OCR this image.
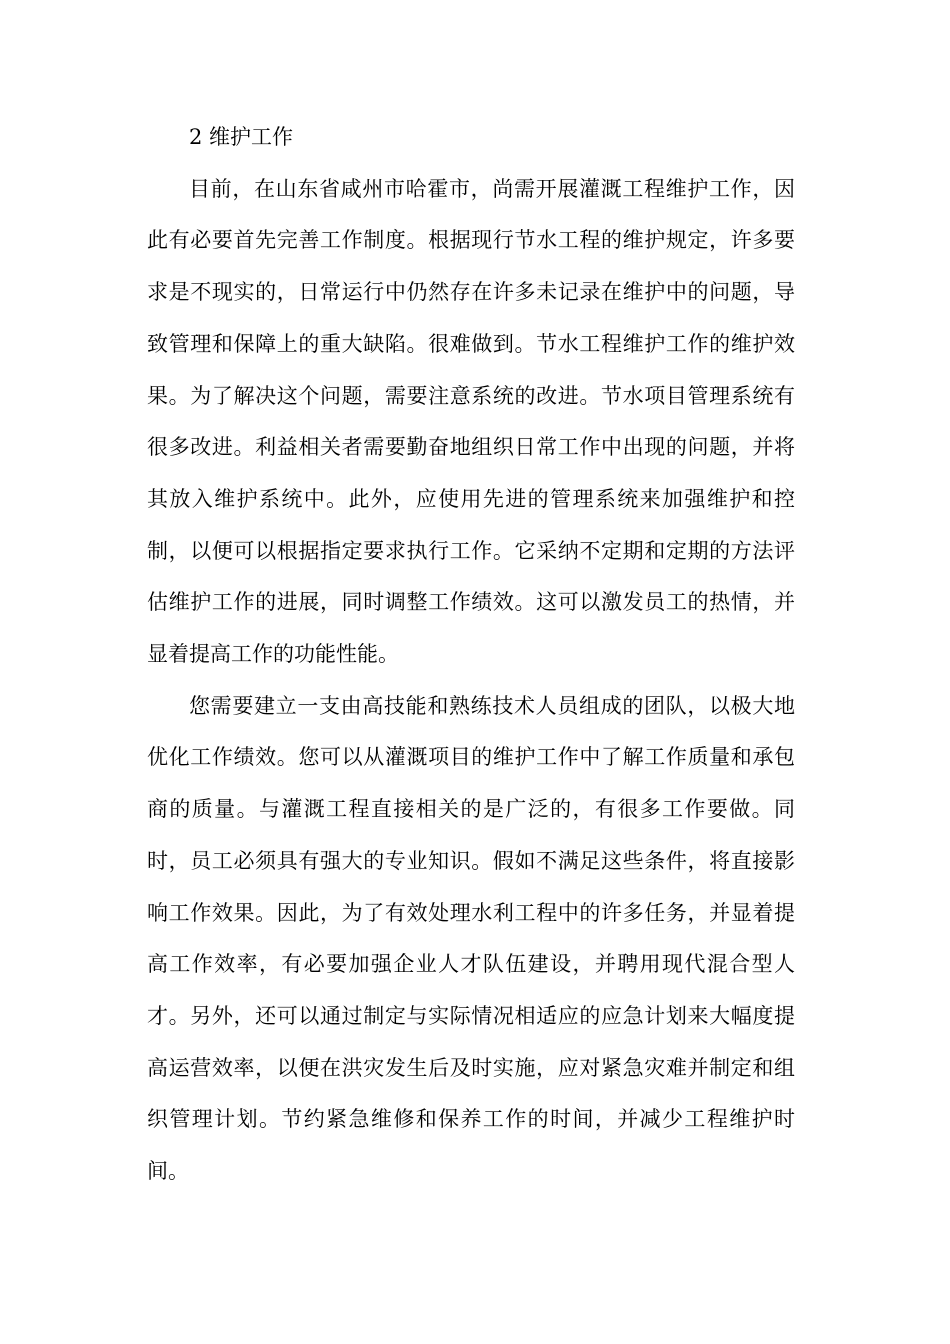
2 维护工作

目前，在山东省咸州市哈霍市，尚需开展灌溉工程维护工作，因此有必要首先完善工作制度。根据现行节水工程的维护规定，许多要求是不现实的，日常运行中仍然存在许多未记录在维护中的问题，导致管理和保障上的重大缺陷。很难做到。节水工程维护工作的维护效果。为了解决这个问题，需要注意系统的改进。节水项目管理系统有很多改进。利益相关者需要勤奋地组织日常工作中出现的问题，并将其放入维护系统中。此外，应使用先进的管理系统来加强维护和控制，以便可以根据指定要求执行工作。它采纳不定期和定期的方法评估维护工作的进展，同时调整工作绩效。这可以激发员工的热情，并显着提高工作的功能性能。

您需要建立一支由高技能和熟练技术人员组成的团队，以极大地优化工作绩效。您可以从灌溉项目的维护工作中了解工作质量和承包商的质量。与灌溉工程直接相关的是广泛的，有很多工作要做。同时，员工必须具有强大的专业知识。假如不满足这些条件，将直接影响工作效果。因此，为了有效处理水利工程中的许多任务，并显着提高工作效率，有必要加强企业人才队伍建设，并聘用现代混合型人才。另外，还可以通过制定与实际情况相适应的应急计划来大幅度提高运营效率，以便在洪灾发生后及时实施，应对紧急灾难并制定和组织管理计划。节约紧急维修和保养工作的时间，并减少工程维护时间。
